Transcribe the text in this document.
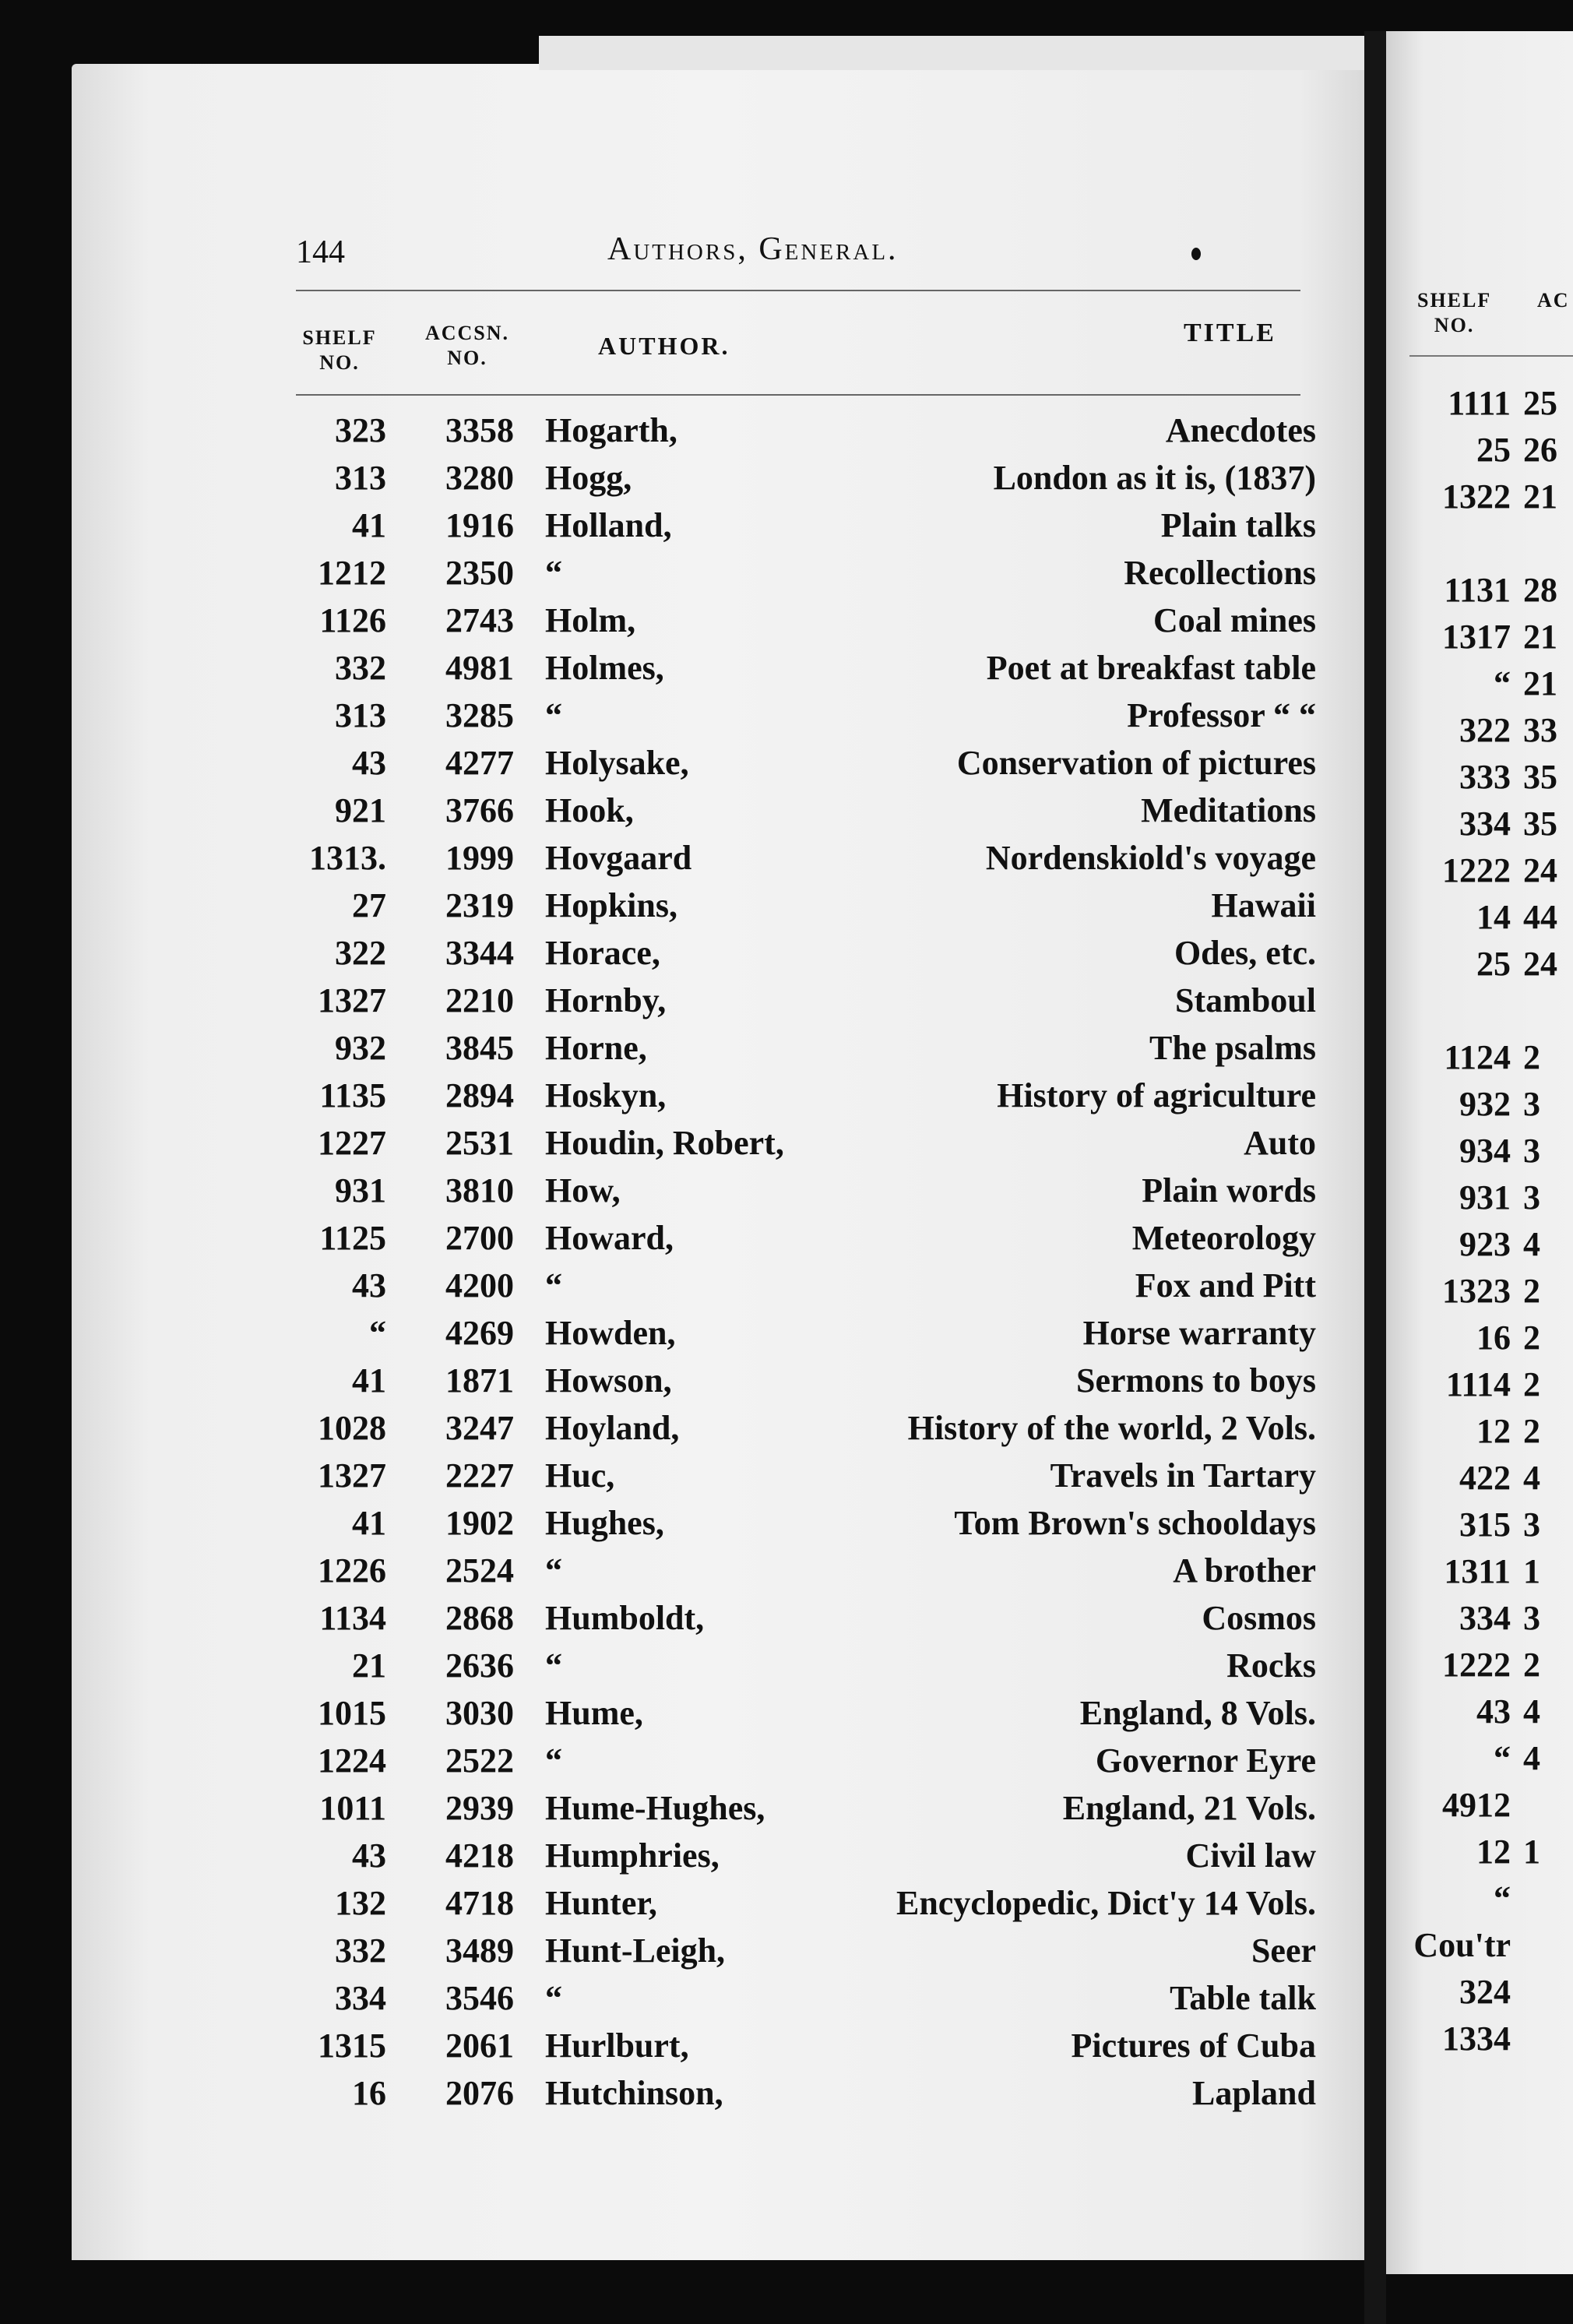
144	Authors, General.
SHELF
NO.
ACCSN.
NO.	AUTHOR.	TITLE
323	3358 Hogarth,	Anecdotes
313	3280 Hogg,	London as it is, (1837)
41	1916 Holland,	Plain talks
1212	2350 “	Recollections
1126	2743 Holm,	Coal mines
332	4981 Holmes,	Poet at breakfast table
313	3285 “	Professor “ “
43	4277 Holysake,	Conservation of pictures
921	3766 Hook,	Meditations
1313.	1999 Hovgaard	Nordenskiold's voyage
27	2319 Hopkins,	Hawaii
322	3344 Horace,	Odes, etc.
1327	2210 Hornby,	Stamboul
932	3845 Horne,	The psalms
1135	2894 Hoskyn,	History of agriculture
1227	2531 Houdin, Robert,	Auto
931	3810 How,	Plain words
1125	2700 Howard,	Meteorology
43	4200 “	Fox and Pitt
“	4269 Howden,	Horse warranty
41	1871 Howson,	Sermons to boys
1028	3247 Hoyland,	History of the world, 2 Vols.
1327	2227 Huc,	Travels in Tartary
41	1902 Hughes,	Tom Brown's schooldays
1226	2524 “	A brother
1134	2868 Humboldt,	Cosmos
21	2636 “	Rocks
1015	3030 Hume,	England, 8 Vols.
1224	2522 “	Governor Eyre
1011	2939 Hume-Hughes,	England, 21 Vols.
43	4218 Humphries,	Civil law
132	4718 Hunter,	Encyclopedic, Dict'y 14 Vols.
332	3489 Hunt-Leigh,	Seer
334	3546 “	Table talk
1315	2061 Hurlburt,	Pictures of Cuba
16	2076 Hutchinson,	Lapland
SHELF
NO.
AC
1111 25
25 26
1322 21
1131 28
1317 21
“ 21
322 33
333 35
334 35
1222 24
14 44
25 24
1124 2
932 3
934 3
931 3
923 4
1323 2
16 2
1114 2
12 2
422 4
315 3
1311 1
334 3
1222 2
43 4
“ 4
4912
12 1
“
Cou'tr
324
1334
